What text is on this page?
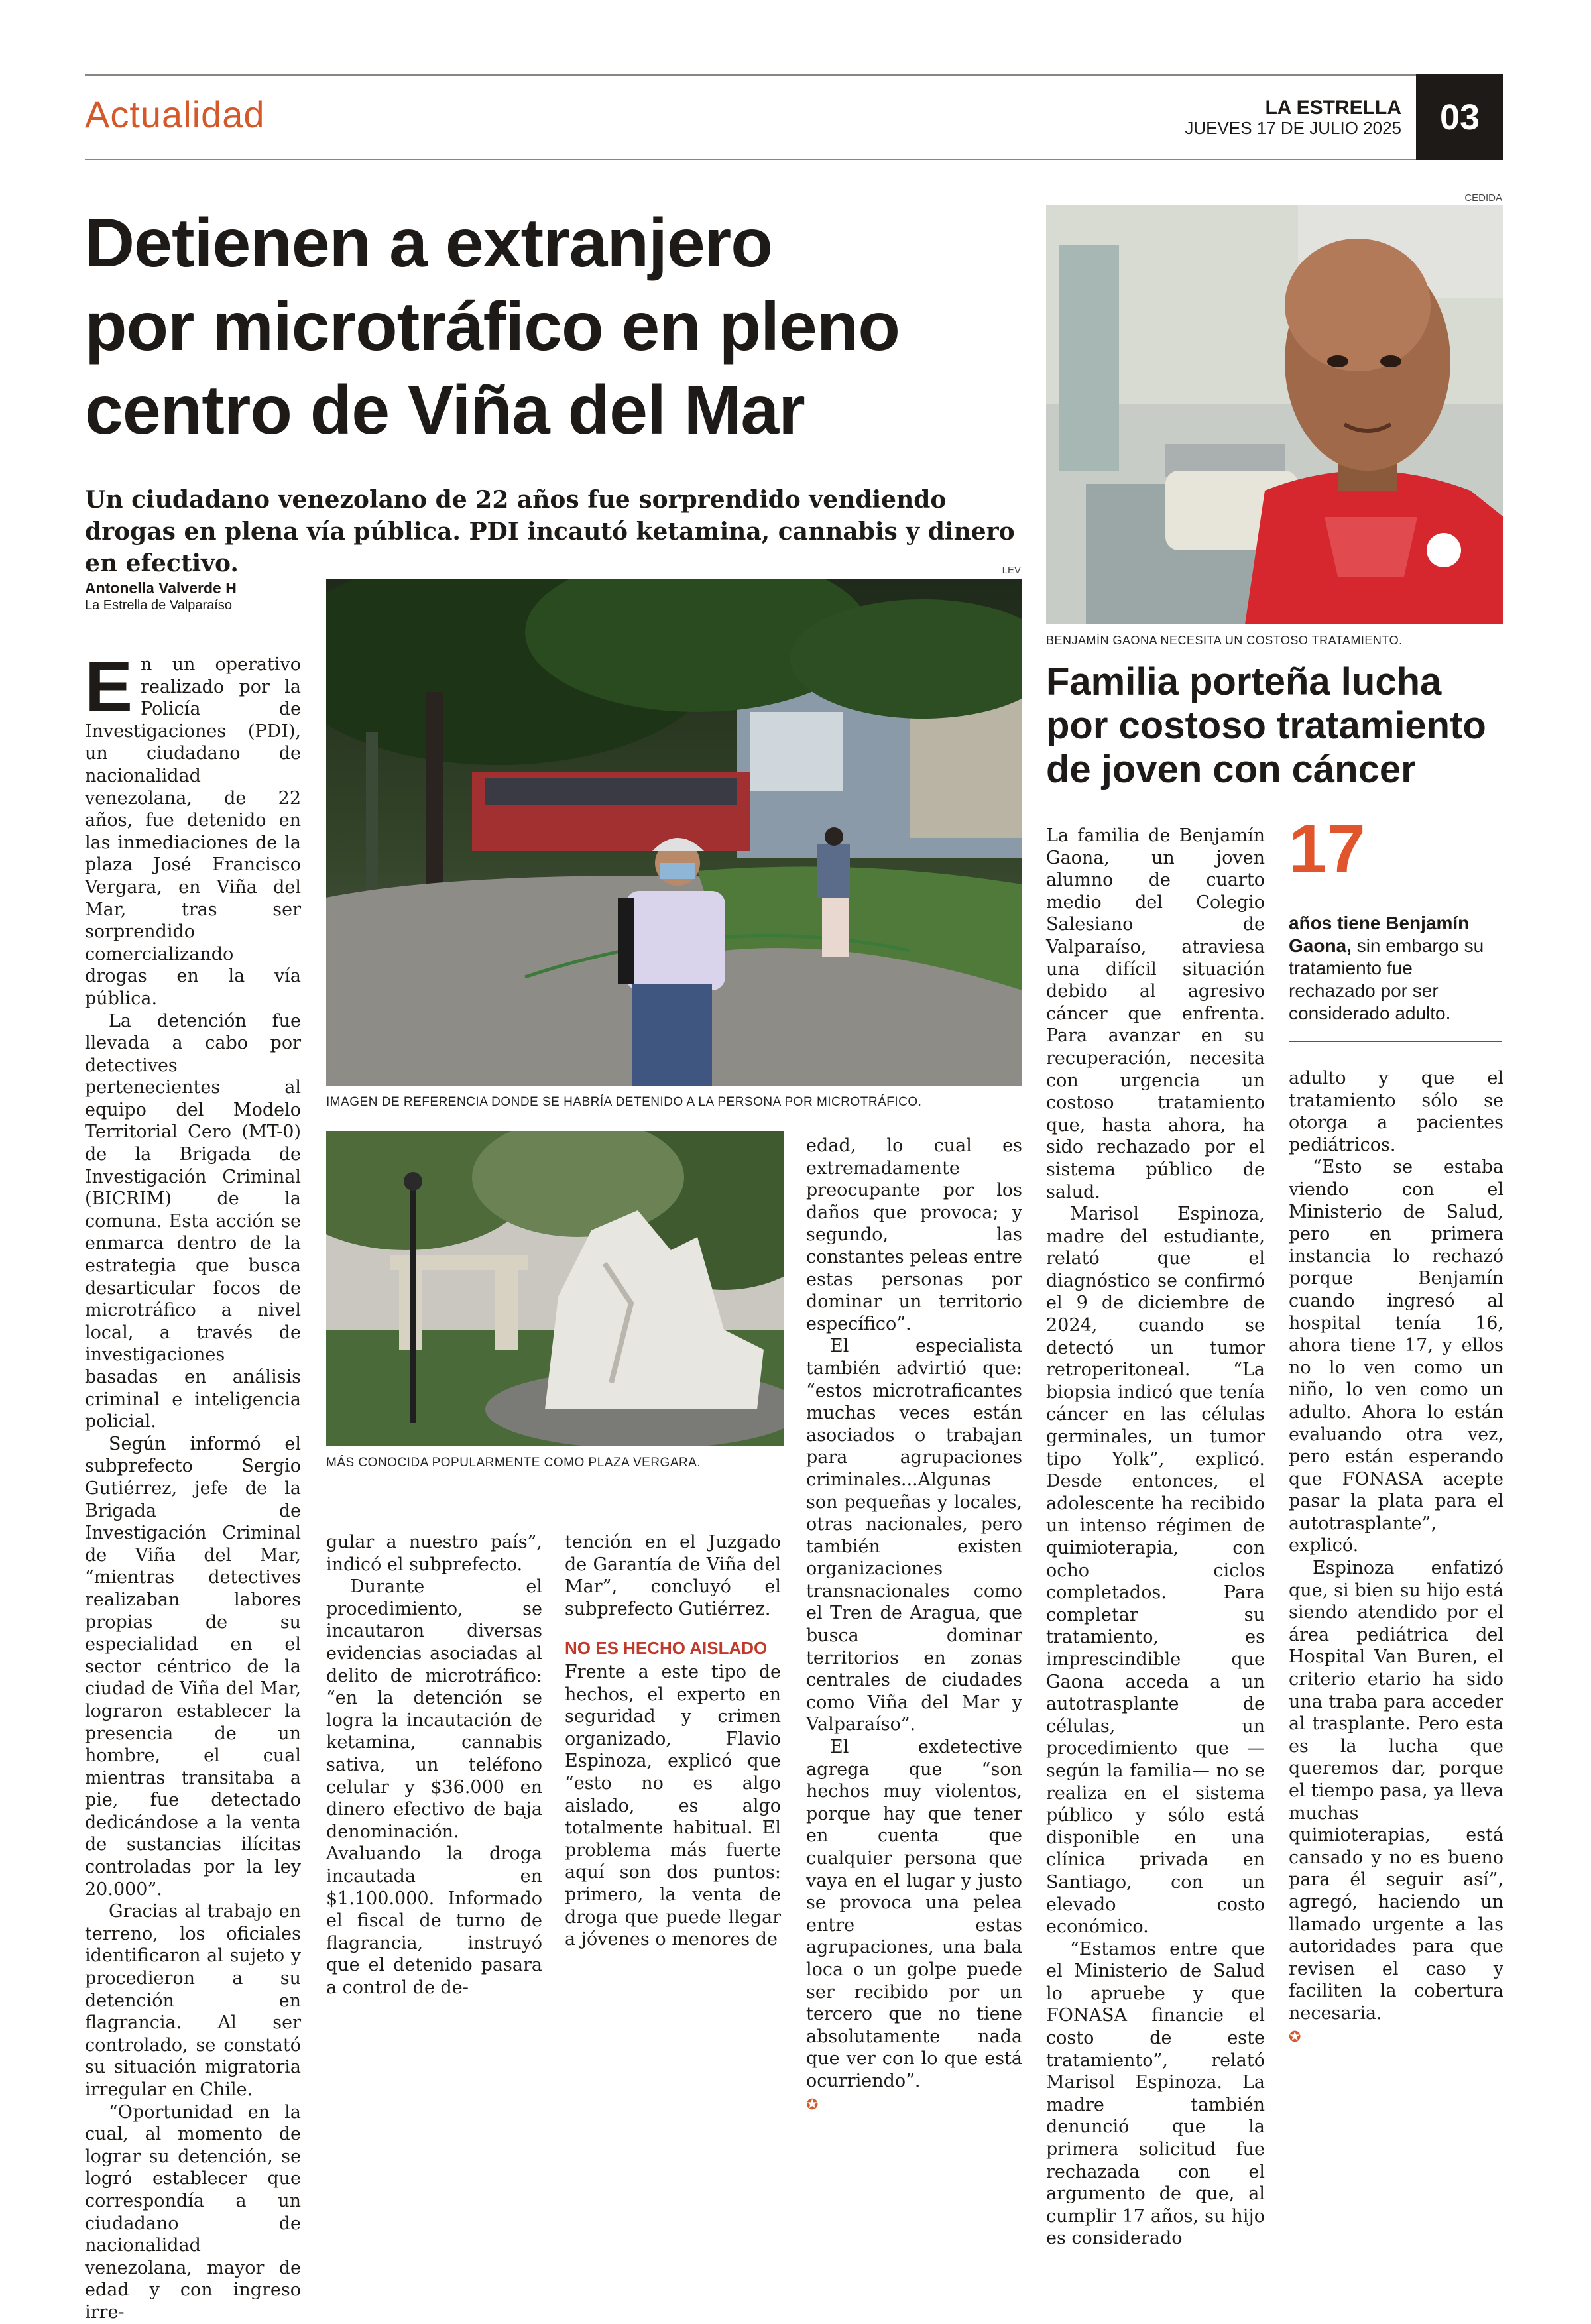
Actualidad	LA ESTRELLA
JUEVES 17 DE JULIO 2025	03
Detienen a extranjero
por microtráfico en pleno
centro de Viña del Mar
Un ciudadano venezolano de 22 años fue sorprendido vendiendo drogas en plena vía pública. PDI incautó ketamina, cannabis y dinero en efectivo.
Antonella Valverde H
La Estrella de Valparaíso
LEV
IMAGEN DE REFERENCIA DONDE SE HABRÍA DETENIDO A LA PERSONA POR MICROTRÁFICO.
MÁS CONOCIDA POPULARMENTE COMO PLAZA VERGARA.
E n un operativo realizado por la Policía de Investigaciones (PDI), un ciudadano de nacionalidad venezolana, de 22 años, fue detenido en las inmediaciones de la plaza José Francisco Vergara, en Viña del Mar, tras ser sorprendido comercializando drogas en la vía pública.

La detención fue llevada a cabo por detectives pertenecientes al equipo del Modelo Territorial Cero (MT-0) de la Brigada de Investigación Criminal (BICRIM) de la comuna. Esta acción se enmarca dentro de la estrategia que busca desarticular focos de microtráfico a nivel local, a través de investigaciones basadas en análisis criminal e inteligencia policial.

Según informó el subprefecto Sergio Gutiérrez, jefe de la Brigada de Investigación Criminal de Viña del Mar, “mientras detectives realizaban labores propias de su especialidad en el sector céntrico de la ciudad de Viña del Mar, lograron establecer la presencia de un hombre, el cual mientras transitaba a pie, fue detectado dedicándose a la venta de sustancias ilícitas controladas por la ley 20.000”.

Gracias al trabajo en terreno, los oficiales identificaron al sujeto y procedieron a su detención en flagrancia. Al ser controlado, se constató su situación migratoria irregular en Chile.

“Oportunidad en la cual, al momento de lograr su detención, se logró establecer que correspondía a un ciudadano de nacionalidad venezolana, mayor de edad y con ingreso irre-

gular a nuestro país”, indicó el subprefecto.

Durante el procedimiento, se incautaron diversas evidencias asociadas al delito de microtráfico: “en la detención se logra la incautación de ketamina, cannabis sativa, un teléfono celular y $36.000 en dinero efectivo de baja denominación. Avaluando la droga incautada en $1.100.000. Informado el fiscal de turno de flagrancia, instruyó que el detenido pasara a control de de-

tención en el Juzgado de Garantía de Viña del Mar”, concluyó el subprefecto Gutiérrez.

NO ES HECHO AISLADO

Frente a este tipo de hechos, el experto en seguridad y crimen organizado, Flavio Espinoza, explicó que “esto no es algo aislado, es algo totalmente habitual. El problema más fuerte aquí son dos puntos: primero, la venta de droga que puede llegar a jóvenes o menores de

edad, lo cual es extremadamente preocupante por los daños que provoca; y segundo, las constantes peleas entre estas personas por dominar un territorio específico”.

El especialista también advirtió que: “estos microtraficantes muchas veces están asociados o trabajan para agrupaciones criminales...Algunas son pequeñas y locales, otras nacionales, pero también existen organizaciones transnacionales como el Tren de Aragua, que busca dominar territorios en zonas centrales de ciudades como Viña del Mar y Valparaíso”.

El exdetective agrega que “son hechos muy violentos, porque hay que tener en cuenta que cualquier persona que vaya en el lugar y justo se provoca una pelea entre estas agrupaciones, una bala loca o un golpe puede ser recibido por un tercero que no tiene absolutamente nada que ver con lo que está ocurriendo”.

✪
CEDIDA
BENJAMÍN GAONA NECESITA UN COSTOSO TRATAMIENTO.
Familia porteña lucha
por costoso tratamiento
de joven con cáncer
17
años tiene Benjamín Gaona, sin embargo su tratamiento fue rechazado por ser considerado adulto.

La familia de Benjamín Gaona, un joven alumno de cuarto medio del Colegio Salesiano de Valparaíso, atraviesa una difícil situación debido al agresivo cáncer que enfrenta. Para avanzar en su recuperación, necesita con urgencia un costoso tratamiento que, hasta ahora, ha sido rechazado por el sistema público de salud.

Marisol Espinoza, madre del estudiante, relató que el diagnóstico se confirmó el 9 de diciembre de 2024, cuando se detectó un tumor retroperitoneal. “La biopsia indicó que tenía cáncer en las células germinales, un tumor tipo Yolk”, explicó. Desde entonces, el adolescente ha recibido un intenso régimen de quimioterapia, con ocho ciclos completados. Para completar su tratamiento, es imprescindible que Gaona acceda a un autotrasplante de células, un procedimiento que —según la familia— no se realiza en el sistema público y sólo está disponible en una clínica privada en Santiago, con un elevado costo económico.

“Estamos entre que el Ministerio de Salud lo apruebe y que FONASA financie el costo de este tratamiento”, relató Marisol Espinoza. La madre también denunció que la primera solicitud fue rechazada con el argumento de que, al cumplir 17 años, su hijo es considerado

adulto y que el tratamiento sólo se otorga a pacientes pediátricos.

“Esto se estaba viendo con el Ministerio de Salud, pero en primera instancia lo rechazó porque Benjamín cuando ingresó al hospital tenía 16, ahora tiene 17, y ellos no lo ven como un niño, lo ven como un adulto. Ahora lo están evaluando otra vez, pero están esperando que FONASA acepte pasar la plata para el autotrasplante”, explicó.

Espinoza enfatizó que, si bien su hijo está siendo atendido por el área pediátrica del Hospital Van Buren, el criterio etario ha sido una traba para acceder al trasplante. Pero esta es la lucha que queremos dar, porque el tiempo pasa, ya lleva muchas quimioterapias, está cansado y no es bueno para él seguir así”, agregó, haciendo un llamado urgente a las autoridades para que revisen el caso y faciliten la cobertura necesaria.

✪
